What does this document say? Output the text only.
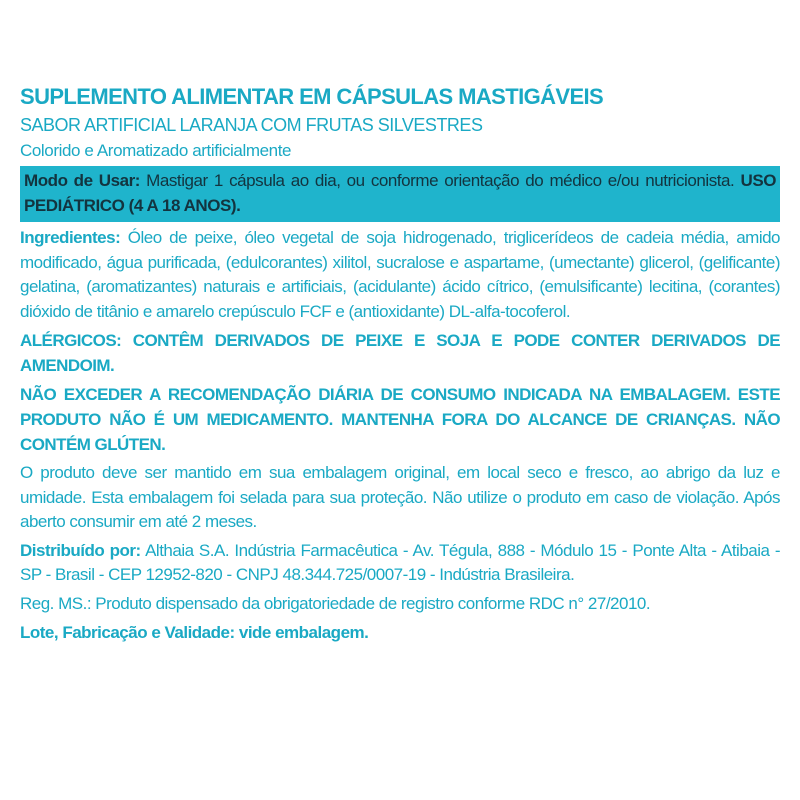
SUPLEMENTO ALIMENTAR EM CÁPSULAS MASTIGÁVEIS

SABOR ARTIFICIAL LARANJA COM FRUTAS SILVESTRES

Colorido e Aromatizado artificialmente

Modo de Usar: Mastigar 1 cápsula ao dia, ou conforme orientação do médico e/ou nutricionista. USO PEDIÁTRICO (4 A 18 ANOS).

Ingredientes: Óleo de peixe, óleo vegetal de soja hidrogenado, triglicerídeos de cadeia média, amido modificado, água purificada, (edulcorantes) xilitol, sucralose e aspartame, (umectante) glicerol, (gelificante) gelatina, (aromatizantes) naturais e artificiais, (acidulante) ácido cítrico, (emulsificante) lecitina, (corantes) dióxido de titânio e amarelo crepúsculo FCF e (antioxidante) DL-alfa-tocoferol.

ALÉRGICOS: CONTÊM DERIVADOS DE PEIXE E SOJA E PODE CONTER DERIVADOS DE AMENDOIM.

NÃO EXCEDER A RECOMENDAÇÃO DIÁRIA DE CONSUMO INDICADA NA EMBALAGEM. ESTE PRODUTO NÃO É UM MEDICAMENTO. MANTENHA FORA DO ALCANCE DE CRIANÇAS. NÃO CONTÉM GLÚTEN.

O produto deve ser mantido em sua embalagem original, em local seco e fresco, ao abrigo da luz e umidade. Esta embalagem foi selada para sua proteção. Não utilize o produto em caso de violação. Após aberto consumir em até 2 meses.

Distribuído por: Althaia S.A. Indústria Farmacêutica - Av. Tégula, 888 - Módulo 15 - Ponte Alta - Atibaia - SP - Brasil - CEP 12952-820 - CNPJ 48.344.725/0007-19 - Indústria Brasileira.

Reg. MS.: Produto dispensado da obrigatoriedade de registro conforme RDC n° 27/2010.

Lote, Fabricação e Validade: vide embalagem.
